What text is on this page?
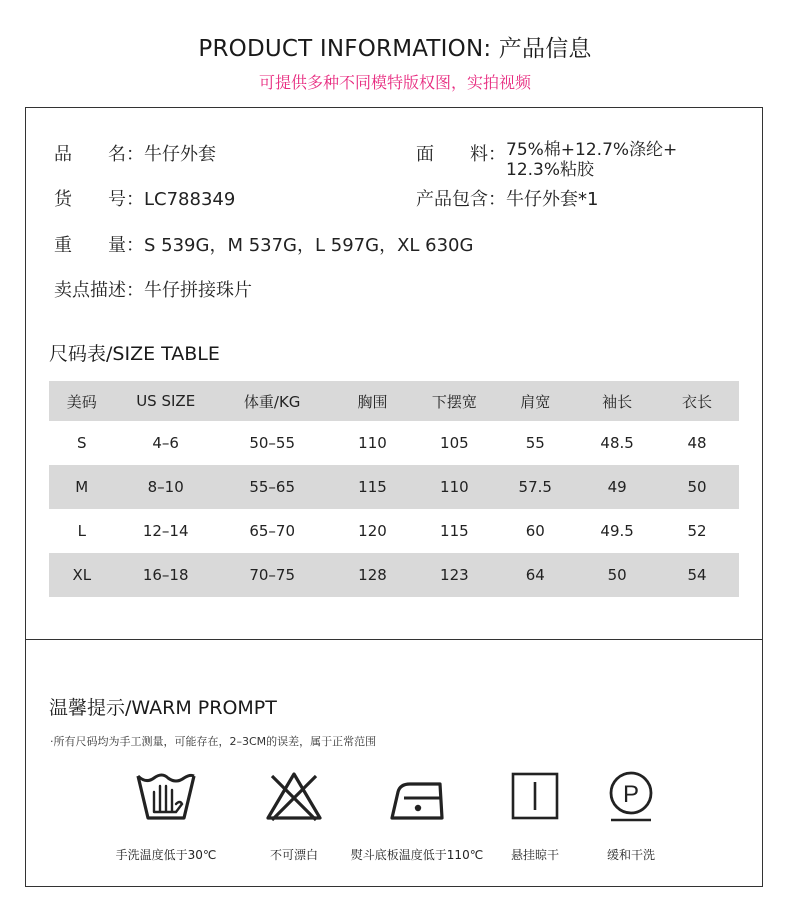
PRODUCT INFORMATION: 产品信息
可提供多种不同模特版权图，实拍视频
品　　名：牛仔外套	面　　料：75%棉+12.7%涤纶+
12.3%粘胶
货　　号：LC788349	产品包含：牛仔外套*1
重　　量：S 539G，M 537G，L 597G，XL 630G
卖点描述：牛仔拼接珠片
尺码表/SIZE TABLE
美码	US SIZE	体重/KG	胸围	下摆宽	肩宽	袖长	衣长
S	4–6	50–55	110	105	55	48.5	48
M	8–10	55–65	115	110	57.5	49	50
L	12–14	65–70	120	115	60	49.5	52
XL	16–18	70–75	128	123	64	50	54
温馨提示/WARM PROMPT
·所有尺码均为手工测量，可能存在，2–3CM的误差，属于正常范围
手洗温度低于30℃	不可漂白	熨斗底板温度低于110℃	悬挂晾干
P
缓和干洗
